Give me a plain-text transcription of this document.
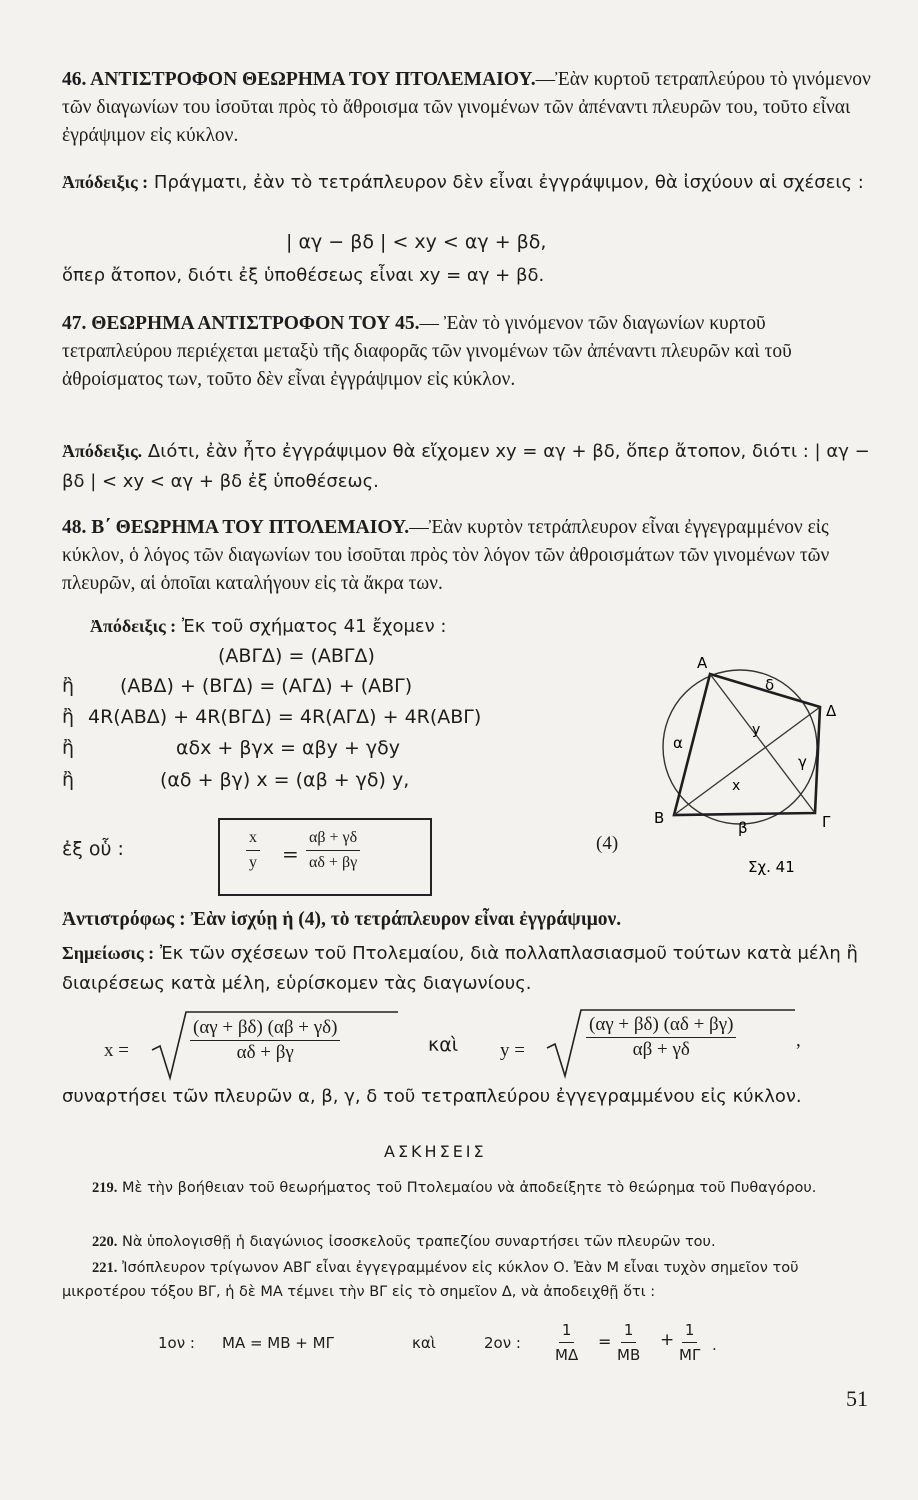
46. ΑΝΤΙΣΤΡΟΦΟΝ ΘΕΩΡΗΜΑ ΤΟΥ ΠΤΟΛΕΜΑΙΟΥ.—Ἐὰν κυρτοῦ τετραπλεύρου τὸ γινόμενον τῶν διαγωνίων του ἰσοῦται πρὸς τὸ ἄθροισμα τῶν γινομένων τῶν ἀπέναντι πλευρῶν του, τοῦτο εἶναι ἐγράψιμον εἰς κύκλον.
Ἀπόδειξις : Πράγματι, ἐὰν τὸ τετράπλευρον δὲν εἶναι ἐγγράψιμον, θὰ ἰσχύουν αἱ σχέσεις :
| αγ − βδ | < xy < αγ + βδ,
ὅπερ ἄτοπον, διότι ἐξ ὑποθέσεως εἶναι xy = αγ + βδ.
47. ΘΕΩΡΗΜΑ ΑΝΤΙΣΤΡΟΦΟΝ ΤΟΥ 45.— Ἐὰν τὸ γινόμενον τῶν διαγωνίων κυρτοῦ τετραπλεύρου περιέχεται μεταξὺ τῆς διαφορᾶς τῶν γινομένων τῶν ἀπέναντι πλευρῶν καὶ τοῦ ἀθροίσματος των, τοῦτο δὲν εἶναι ἐγγράψιμον εἰς κύκλον.
Ἀπόδειξις. Διότι, ἐὰν ἦτο ἐγγράψιμον θὰ εἴχομεν xy = αγ + βδ, ὅπερ ἄτοπον, διότι : | αγ − βδ | < xy < αγ + βδ ἐξ ὑποθέσεως.
48. Β΄ ΘΕΩΡΗΜΑ ΤΟΥ ΠΤΟΛΕΜΑΙΟΥ.—Ἐὰν κυρτὸν τετράπλευρον εἶναι ἐγγεγραμμένον εἰς κύκλον, ὁ λόγος τῶν διαγωνίων του ἰσοῦται πρὸς τὸν λόγον τῶν ἀθροισμάτων τῶν γινομένων τῶν πλευρῶν, αἱ ὁποῖαι καταλήγουν εἰς τὰ ἄκρα των.
Ἀπόδειξις : Ἐκ τοῦ σχήματος 41 ἔχομεν :
(ΑΒΓΔ) = (ΑΒΓΔ)
ἢ (ΑΒΔ) + (ΒΓΔ) = (ΑΓΔ) + (ΑΒΓ)
ἢ 4R(ΑΒΔ) + 4R(ΒΓΔ) = 4R(ΑΓΔ) + 4R(ΑΒΓ)
ἢ	αδx + βγx = αβy + γδy
ἢ	(αδ + βγ) x = (αβ + γδ) y,
ἐξ οὗ :	$\frac{x}{y} = \frac{\alpha\beta + \gamma\delta}{\alpha\delta + \beta\gamma}$	(4)
Α
Δ
Γ
Β
δ
α
γ
β
y
x
Σχ. 41
Ἀντιστρόφως : Ἐὰν ἰσχύῃ ἡ (4), τὸ τετράπλευρον εἶναι ἐγγράψιμον.
Σημείωσις : Ἐκ τῶν σχέσεων τοῦ Πτολεμαίου, διὰ πολλαπλασιασμοῦ τούτων κατὰ μέλη ἢ διαιρέσεως κατὰ μέλη, εὑρίσκομεν τὰς διαγωνίους.
x =	$\frac{(\alpha\gamma + \beta\delta) (\alpha\beta + \gamma\delta)}{\alpha\delta + \beta\gamma}$	καὶ y =	$\frac{(\alpha\gamma + \beta\delta) (\alpha\delta + \beta\gamma)}{\alpha\beta + \gamma\delta}$	,
συναρτήσει τῶν πλευρῶν α, β, γ, δ τοῦ τετραπλεύρου ἐγγεγραμμένου εἰς κύκλον.
ΑΣΚΗΣΕΙΣ
219. Μὲ τὴν βοήθειαν τοῦ θεωρήματος τοῦ Πτολεμαίου νὰ ἀποδείξητε τὸ θεώρημα τοῦ Πυθαγόρου.
220. Νὰ ὑπολογισθῇ ἡ διαγώνιος ἰσοσκελοῦς τραπεζίου συναρτήσει τῶν πλευρῶν του.
221. Ἰσόπλευρον τρίγωνον ΑΒΓ εἶναι ἐγγεγραμμένον εἰς κύκλον Ο. Ἐὰν Μ εἶναι τυχὸν σημεῖον τοῦ μικροτέρου τόξου ΒΓ, ἡ δὲ ΜΑ τέμνει τὴν ΒΓ εἰς τὸ σημεῖον Δ, νὰ ἀποδειχθῇ ὅτι :
1ον : ΜΑ = ΜΒ + ΜΓ	καὶ	2ον : $\frac{1}{M\Delta} = \frac{1}{MB} + \frac{1}{M\Gamma}$ .
51
